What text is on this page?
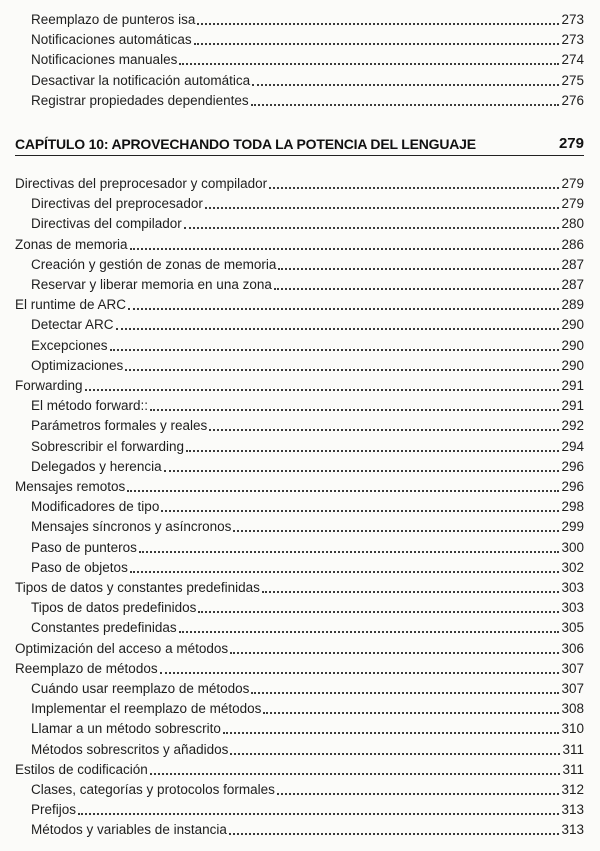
Reemplazo de punteros isa	273
Notificaciones automáticas	273
Notificaciones manuales	274
Desactivar la notificación automática	275
Registrar propiedades dependientes	276
CAPÍTULO 10: APROVECHANDO TODA LA POTENCIA DEL LENGUAJE	279
Directivas del preprocesador y compilador	279
Directivas del preprocesador	279
Directivas del compilador	280
Zonas de memoria	286
Creación y gestión de zonas de memoria	287
Reservar y liberar memoria en una zona	287
El runtime de ARC	289
Detectar ARC	290
Excepciones	290
Optimizaciones	290
Forwarding	291
El método forward::	291
Parámetros formales y reales	292
Sobrescribir el forwarding	294
Delegados y herencia	296
Mensajes remotos	296
Modificadores de tipo	298
Mensajes síncronos y asíncronos	299
Paso de punteros	300
Paso de objetos	302
Tipos de datos y constantes predefinidas	303
Tipos de datos predefinidos	303
Constantes predefinidas	305
Optimización del acceso a métodos	306
Reemplazo de métodos	307
Cuándo usar reemplazo de métodos	307
Implementar el reemplazo de métodos	308
Llamar a un método sobrescrito	310
Métodos sobrescritos y añadidos	311
Estilos de codificación	311
Clases, categorías y protocolos formales	312
Prefijos	313
Métodos y variables de instancia	313
